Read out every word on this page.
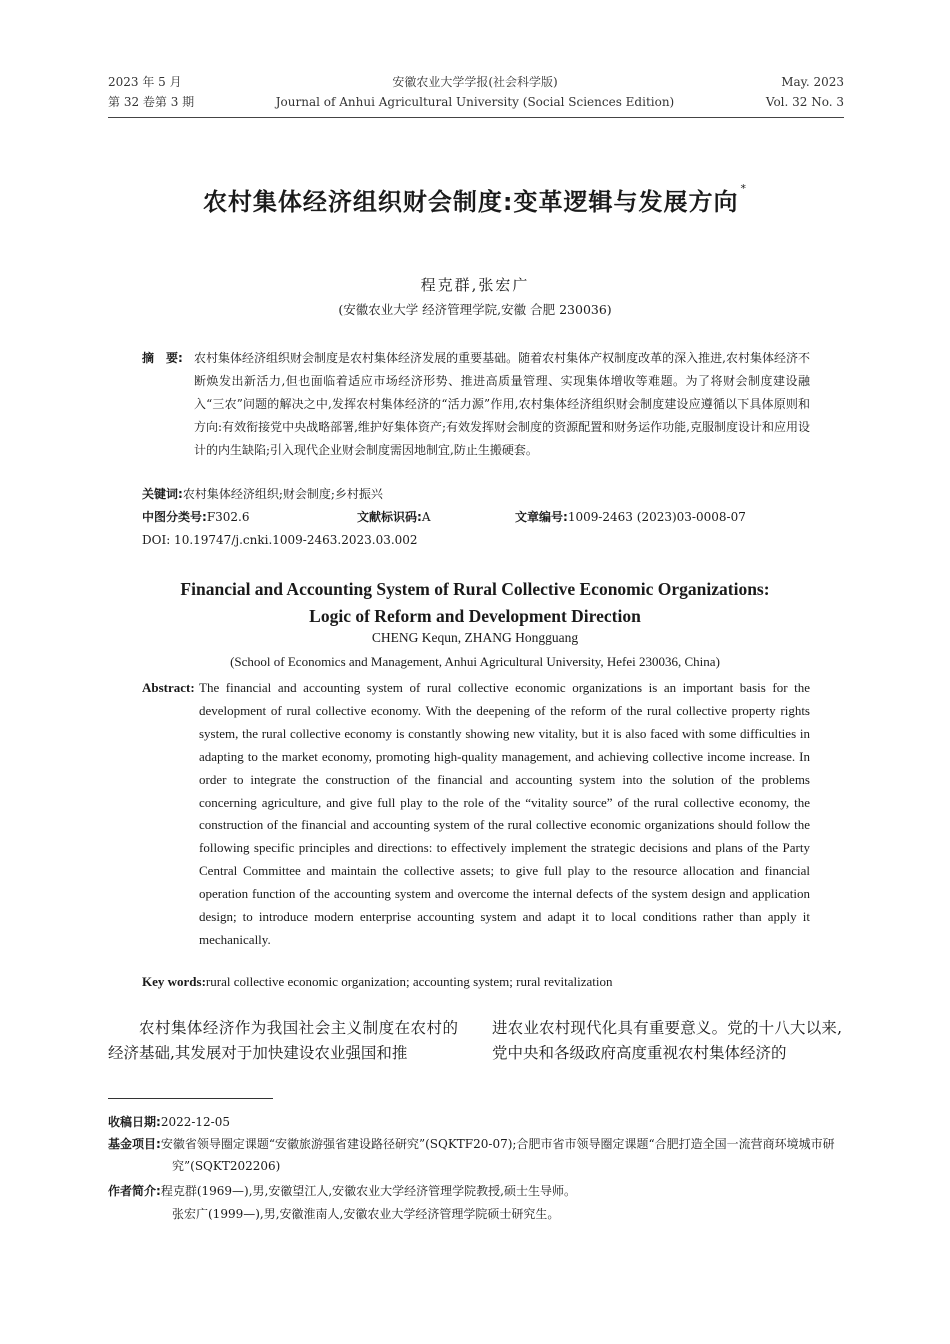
2023 年 5 月
第 32 卷第 3 期
安徽农业大学学报(社会科学版)
Journal of Anhui Agricultural University (Social Sciences Edition)
May. 2023
Vol. 32 No. 3
农村集体经济组织财会制度:变革逻辑与发展方向 *
程克群,张宏广
(安徽农业大学 经济管理学院,安徽 合肥 230036)
摘　要: 农村集体经济组织财会制度是农村集体经济发展的重要基础。随着农村集体产权制度改革的深入推进,农村集体经济不断焕发出新活力,但也面临着适应市场经济形势、推进高质量管理、实现集体增收等难题。为了将财会制度建设融入“三农”问题的解决之中,发挥农村集体经济的“活力源”作用,农村集体经济组织财会制度建设应遵循以下具体原则和方向:有效衔接党中央战略部署,维护好集体资产;有效发挥财会制度的资源配置和财务运作功能,克服制度设计和应用设计的内生缺陷;引入现代企业财会制度需因地制宜,防止生搬硬套。
关键词:农村集体经济组织;财会制度;乡村振兴
中图分类号:F302.6	文献标识码:A	文章编号:1009-2463 (2023)03-0008-07
DOI: 10.19747/j.cnki.1009-2463.2023.03.002
Financial and Accounting System of Rural Collective Economic Organizations:
Logic of Reform and Development Direction
CHENG Kequn, ZHANG Hongguang
(School of Economics and Management, Anhui Agricultural University, Hefei 230036, China)
Abstract: The financial and accounting system of rural collective economic organizations is an important basis for the development of rural collective economy. With the deepening of the reform of the rural collective property rights system, the rural collective economy is constantly showing new vitality, but it is also faced with some difficulties in adapting to the market economy, promoting high-quality management, and achieving collective income increase. In order to integrate the construction of the financial and accounting system into the solution of the problems concerning agriculture, and give full play to the role of the “vitality source” of the rural collective economy, the construction of the financial and accounting system of the rural collective economic organizations should follow the following specific principles and directions: to effectively implement the strategic decisions and plans of the Party Central Committee and maintain the collective assets; to give full play to the resource allocation and financial operation function of the accounting system and overcome the internal defects of the system design and application design; to introduce modern enterprise accounting system and adapt it to local conditions rather than apply it mechanically.
Key words:rural collective economic organization; accounting system; rural revitalization
农村集体经济作为我国社会主义制度在农村的经济基础,其发展对于加快建设农业强国和推
进农业农村现代化具有重要意义。党的十八大以来,党中央和各级政府高度重视农村集体经济的
收稿日期:2022-12-05
基金项目:安徽省领导圈定课题“安徽旅游强省建设路径研究”(SQKTF20-07);合肥市省市领导圈定课题“合肥打造全国一流营商环境城市研究”(SQKT202206)
作者简介:程克群(1969—),男,安徽望江人,安徽农业大学经济管理学院教授,硕士生导师。
张宏广(1999—),男,安徽淮南人,安徽农业大学经济管理学院硕士研究生。
